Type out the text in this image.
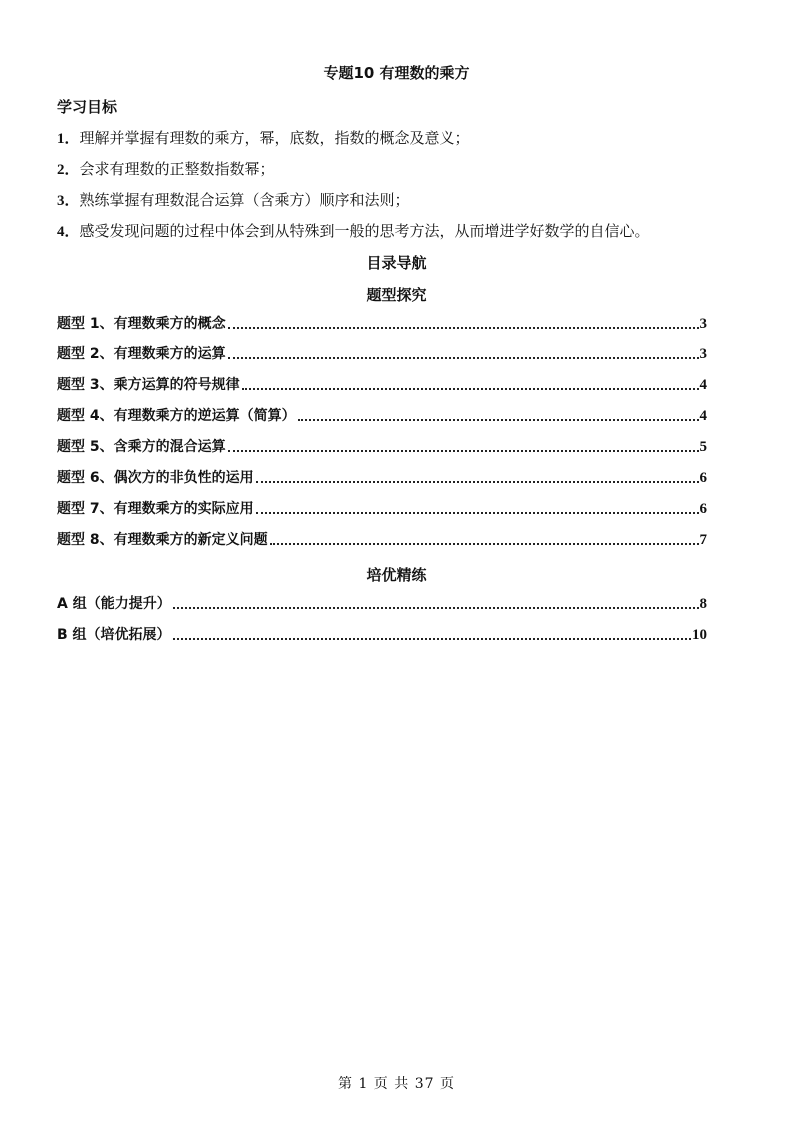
专题10 有理数的乘方
学习目标
1．理解并掌握有理数的乘方，幂，底数，指数的概念及意义；
2．会求有理数的正整数指数幂；
3．熟练掌握有理数混合运算（含乘方）顺序和法则；
4．感受发现问题的过程中体会到从特殊到一般的思考方法，从而增进学好数学的自信心。
目录导航
题型探究
题型 1、有理数乘方的概念	3
题型 2、有理数乘方的运算	3
题型 3、乘方运算的符号规律	4
题型 4、有理数乘方的逆运算（简算）	4
题型 5、含乘方的混合运算	5
题型 6、偶次方的非负性的运用	6
题型 7、有理数乘方的实际应用	6
题型 8、有理数乘方的新定义问题	7
培优精练
A 组（能力提升）	8
B 组（培优拓展）	10
第 1 页 共 37 页
